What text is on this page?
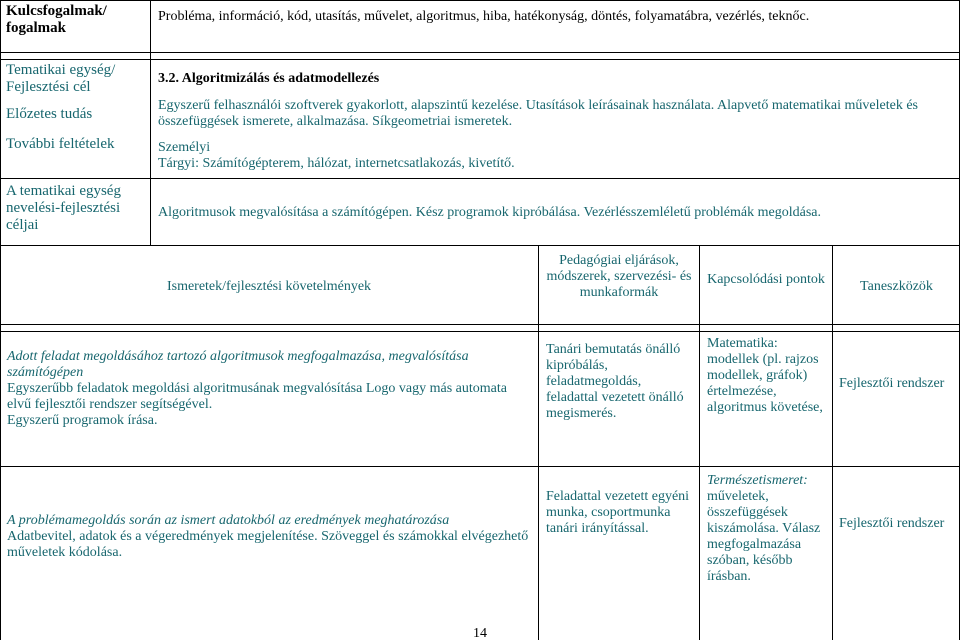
Kulcsfogalmak/ fogalmak
Probléma, információ, kód, utasítás, művelet, algoritmus, hiba, hatékonyság, döntés, folyamatábra, vezérlés, teknőc.
Tematikai egység/ Fejlesztési cél
Előzetes tudás
További feltételek
A tematikai egység nevelési-fejlesztési céljai
3.2. Algoritmizálás és adatmodellezés
Egyszerű felhasználói szoftverek gyakorlott, alapszintű kezelése. Utasítások leírásainak használata. Alapvető matematikai műveletek és összefüggések ismerete, alkalmazása. Síkgeometriai ismeretek.
Személyi
Tárgyi: Számítógépterem, hálózat, internetcsatlakozás, kivetítő.
Algoritmusok megvalósítása a számítógépen. Kész programok kipróbálása. Vezérlésszemléletű problémák megoldása.
Ismeretek/fejlesztési követelmények
Pedagógiai eljárások, módszerek, szervezési- és munkaformák
Kapcsolódási pontok	Taneszközök
Adott feladat megoldásához tartozó algoritmusok megfogalmazása, megvalósítása számítógépen
Egyszerűbb feladatok megoldási algoritmusának megvalósítása Logo vagy más automata elvű fejlesztői rendszer segítségével.
Egyszerű programok írása.
Tanári bemutatás önálló kipróbálás, feladatmegoldás, feladattal vezetett önálló megismerés.
Matematika:
modellek (pl. rajzos modellek, gráfok) értelmezése, algoritmus követése,
Fejlesztői rendszer
A problémamegoldás során az ismert adatokból az eredmények meghatározása
Adatbevitel, adatok és a végeredmények megjelenítése. Szöveggel és számokkal elvégezhető műveletek kódolása.
Feladattal vezetett egyéni munka, csoportmunka tanári irányítással.
Természetismeret:
műveletek, összefüggések kiszámolása. Válasz megfogalmazása szóban, később írásban.
Fejlesztői rendszer
14
